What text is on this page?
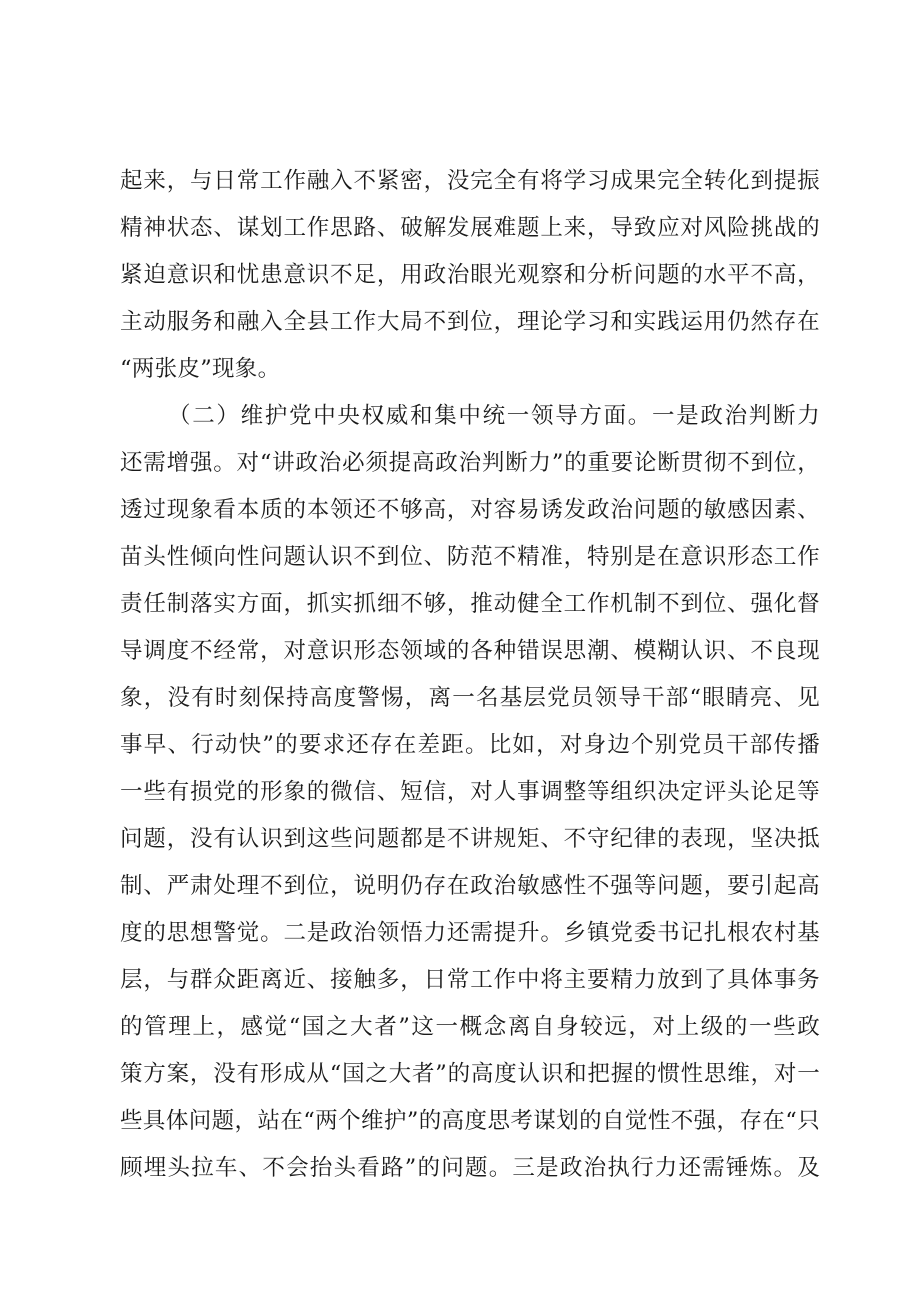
起来，与日常工作融入不紧密，没完全有将学习成果完全转化到提振
精神状态、谋划工作思路、破解发展难题上来，导致应对风险挑战的
紧迫意识和忧患意识不足，用政治眼光观察和分析问题的水平不高，
主动服务和融入全县工作大局不到位，理论学习和实践运用仍然存在
“两张皮”现象。
（二）维护党中央权威和集中统一领导方面。一是政治判断力
还需增强。对“讲政治必须提高政治判断力”的重要论断贯彻不到位，
透过现象看本质的本领还不够高，对容易诱发政治问题的敏感因素、
苗头性倾向性问题认识不到位、防范不精准，特别是在意识形态工作
责任制落实方面，抓实抓细不够，推动健全工作机制不到位、强化督
导调度不经常，对意识形态领域的各种错误思潮、模糊认识、不良现
象，没有时刻保持高度警惕，离一名基层党员领导干部“眼睛亮、见
事早、行动快”的要求还存在差距。比如，对身边个别党员干部传播
一些有损党的形象的微信、短信，对人事调整等组织决定评头论足等
问题，没有认识到这些问题都是不讲规矩、不守纪律的表现，坚决抵
制、严肃处理不到位，说明仍存在政治敏感性不强等问题，要引起高
度的思想警觉。二是政治领悟力还需提升。乡镇党委书记扎根农村基
层，与群众距离近、接触多，日常工作中将主要精力放到了具体事务
的管理上，感觉“国之大者”这一概念离自身较远，对上级的一些政
策方案，没有形成从“国之大者”的高度认识和把握的惯性思维，对一
些具体问题，站在“两个维护”的高度思考谋划的自觉性不强，存在“只
顾埋头拉车、不会抬头看路”的问题。三是政治执行力还需锤炼。及
